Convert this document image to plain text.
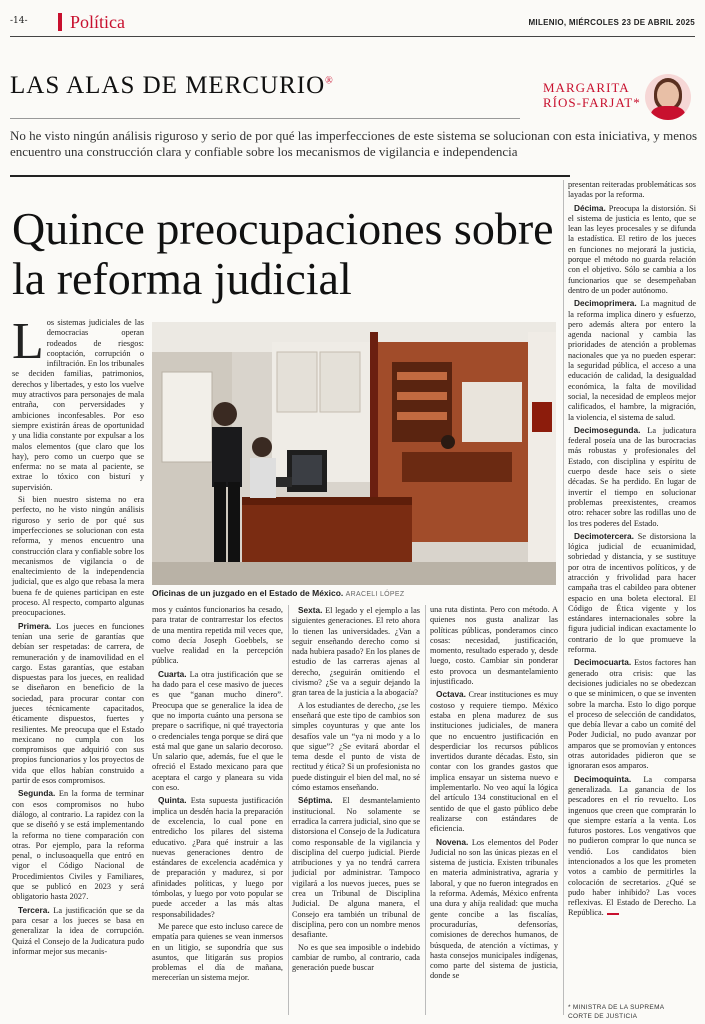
-14- Política	MILENIO, MIÉRCOLES 23 DE ABRIL 2025
LAS ALAS DE MERCURIO®	MARGARITA
RÍOS-FARJAT*
No he visto ningún análisis riguroso y serio de por qué las imperfecciones de este sistema se solucionan con esta iniciativa, y menos encuentro una construcción clara y confiable sobre los mecanismos de vigilancia e independencia
Quince preocupaciones sobre la reforma judicial

Los sistemas judiciales de las democracias operan rodeados de riesgos: cooptación, corrupción o infiltración. En los tribunales se deciden familias, patrimonios, derechos y libertades, y esto los vuelve muy atractivos para personajes de mala entraña, con perversidades y ambiciones inconfesables. Por eso siempre existirán áreas de oportunidad y una lidia constante por expulsar a los malos elementos (que claro que los hay), pero como un cuerpo que se enferma: no se mata al paciente, se extrae lo tóxico con bisturí y supervisión.

Si bien nuestro sistema no era perfecto, no he visto ningún análisis riguroso y serio de por qué sus imperfecciones se solucionan con esta reforma, y menos encuentro una construcción clara y confiable sobre los mecanismos de vigilancia o de enaltecimiento de la independencia judicial, que es algo que rebasa la mera buena fe de quienes participan en este proceso. Al respecto, comparto algunas preocupaciones.

Primera. Los jueces en funciones tenían una serie de garantías que debían ser respetadas: de carrera, de remuneración y de inamovilidad en el cargo. Estas garantías, que estaban dispuestas para los jueces, en realidad se diseñaron en beneficio de la sociedad, para procurar contar con jueces técnicamente capacitados, éticamente dispuestos, fuertes y resilientes. Me preocupa que el Estado mexicano no cumpla con los compromisos que adquirió con sus propios funcionarios y los proyectos de vida que ellos habían construido a partir de esos compromisos.

Segunda. En la forma de terminar con esos compromisos no hubo diálogo, al contrario. La rapidez con la que se diseñó y se está implementando la reforma no tiene comparación con otras. Por ejemplo, para la reforma penal, o inclusoaquella que entró en vigor el Código Nacional de Procedimientos Civiles y Familiares, que se publicó en 2023 y será obligatorio hasta 2027.

Tercera. La justificación que se da para cesar a los jueces se basa en generalizar la idea de corrupción. Quizá el Consejo de la Judicatura pudo informar mejor sus mecanis-

Oficinas de un juzgado en el Estado de México. ARACELI LÓPEZ

mos y cuántos funcionarios ha cesado, para tratar de contrarrestar los efectos de una mentira repetida mil veces que, como decía Joseph Goebbels, se vuelve realidad en la percepción pública.

Cuarta. La otra justificación que se ha dado para el cese masivo de jueces es que “ganan mucho dinero”. Preocupa que se generalice la idea de que no importa cuánto una persona se prepare o sacrifique, ni qué trayectoria o credenciales tenga porque se dirá que está mal que gane un salario decoroso. Un salario que, además, fue el que le ofreció el Estado mexicano para que aceptara el cargo y planeara su vida con eso.

Quinta. Esta supuesta justificación implica un desdén hacia la preparación de excelencia, lo cual pone en entredicho los pilares del sistema educativo. ¿Para qué instruir a las nuevas generaciones dentro de estándares de excelencia académica y de preparación y madurez, si por afinidades políticas, y luego por tómbolas, y luego por voto popular se puede acceder a las más altas responsabilidades?

Me parece que esto incluso carece de empatía para quienes se vean inmersos en un litigio, se supondría que sus asuntos, que litigarán sus propios problemas el día de mañana, merecerían un sistema mejor.

Sexta. El legado y el ejemplo a las siguientes generaciones. El reto ahora lo tienen las universidades. ¿Van a seguir enseñando derecho como si nada hubiera pasado? En los planes de estudio de las carreras ajenas al derecho, ¿seguirán omitiendo el civismo? ¿Se va a seguir dejando la gran tarea de la justicia a la abogacía?

A los estudiantes de derecho, ¿se les enseñará que este tipo de cambios son simples coyunturas y que ante los desafíos vale un “ya ni modo y a lo que sigue”? ¿Se evitará abordar el tema desde el punto de vista de rectitud y ética? Si un profesionista no puede distinguir el bien del mal, no sé cómo estamos enseñando.

Séptima. El desmantelamiento institucional. No solamente se erradica la carrera judicial, sino que se distorsiona el Consejo de la Judicatura como responsable de la vigilancia y disciplina del cuerpo judicial. Pierde atribuciones y ya no tendrá carrera judicial por administrar. Tampoco vigilará a los nuevos jueces, pues se crea un Tribunal de Disciplina Judicial. De alguna manera, el Consejo era también un tribunal de disciplina, pero con un nombre menos desafiante.

No es que sea imposible o indebido cambiar de rumbo, al contrario, cada generación puede buscar

una ruta distinta. Pero con método. A quienes nos gusta analizar las políticas públicas, ponderamos cinco cosas: necesidad, justificación, momento, resultado esperado y, desde luego, costo. Cambiar sin ponderar esto provoca un desmantelamiento injustificado.

Octava. Crear instituciones es muy costoso y requiere tiempo. México estaba en plena madurez de sus instituciones judiciales, de manera que no encuentro justificación en desperdiciar los recursos públicos invertidos durante décadas. Esto, sin contar con los grandes gastos que implica ensayar un sistema nuevo e implementarlo. No veo aquí la lógica del artículo 134 constitucional en el sentido de que el gasto público debe realizarse con estándares de eficiencia.

Novena. Los elementos del Poder Judicial no son las únicas piezas en el sistema de justicia. Existen tribunales en materia administrativa, agraria y laboral, y que no fueron integrados en la reforma. Además, México enfrenta una dura y ahíja realidad: que mucha gente concibe a las fiscalías, procuradurías, defensorías, comisiones de derechos humanos, de búsqueda, de atención a víctimas, y hasta consejos municipales indígenas, como parte del sistema de justicia, donde se

presentan reiteradas problemáticas sos layadas por la reforma.

Décima. Preocupa la distorsión. Si el sistema de justicia es lento, que se lean las leyes procesales y se difunda la estadística. El retiro de los jueces en funciones no mejorará la justicia, porque el método no guarda relación con el objetivo. Sólo se cambia a los funcionarios que se desempeñaban dentro de un poder autónomo.

Decimoprimera. La magnitud de la reforma implica dinero y esfuerzo, pero además altera por entero la agenda nacional y cambia las prioridades de atención a problemas nacionales que ya no pueden esperar: la seguridad pública, el acceso a una educación de calidad, la desigualdad económica, la falta de movilidad social, la necesidad de empleos mejor calificados, el hambre, la migración, la violencia, el sistema de salud.

Decimosegunda. La judicatura federal poseía una de las burocracias más robustas y profesionales del Estado, con disciplina y espíritu de cuerpo desde hace seis o siete décadas. Se ha perdido. En lugar de invertir el tiempo en solucionar problemas preexistentes, creamos otro: rehacer sobre las rodillas uno de los tres poderes del Estado.

Decimotercera. Se distorsiona la lógica judicial de ecuanimidad, sobriedad y distancia, y se sustituye por otra de incentivos políticos, y de atracción y frivolidad para hacer campaña tras el cabildeo para obtener espacio en una boleta electoral. El Código de Ética vigente y los estándares internacionales sobre la figura judicial indican exactamente lo contrario de lo que promueve la reforma.

Decimocuarta. Estos factores han generado otra crisis: que las decisiones judiciales no se obedezcan o que se minimicen, o que se inventen sobre la marcha. Esto lo digo porque el proceso de selección de candidatos, que debía llevar a cabo un comité del Poder Judicial, no pudo avanzar por amparos que se promovían y entonces otras autoridades pidieron que se ignoraran esos amparos.

Decimoquinta. La comparsa generalizada. La ganancia de los pescadores en el río revuelto. Los ingenuos que creen que comprarán lo que siempre estaría a la venta. Los futuros postores. Los vengativos que no pudieron comprar lo que nunca se vendió. Los candidatos bien intencionados a los que les prometen votos a cambio de permitirles la colocación de secretarios. ¿Qué se pudo haber inhibido? Las voces reflexivas. El Estado de Derecho. La República.

* MINISTRA DE LA SUPREMA
CORTE DE JUSTICIA
